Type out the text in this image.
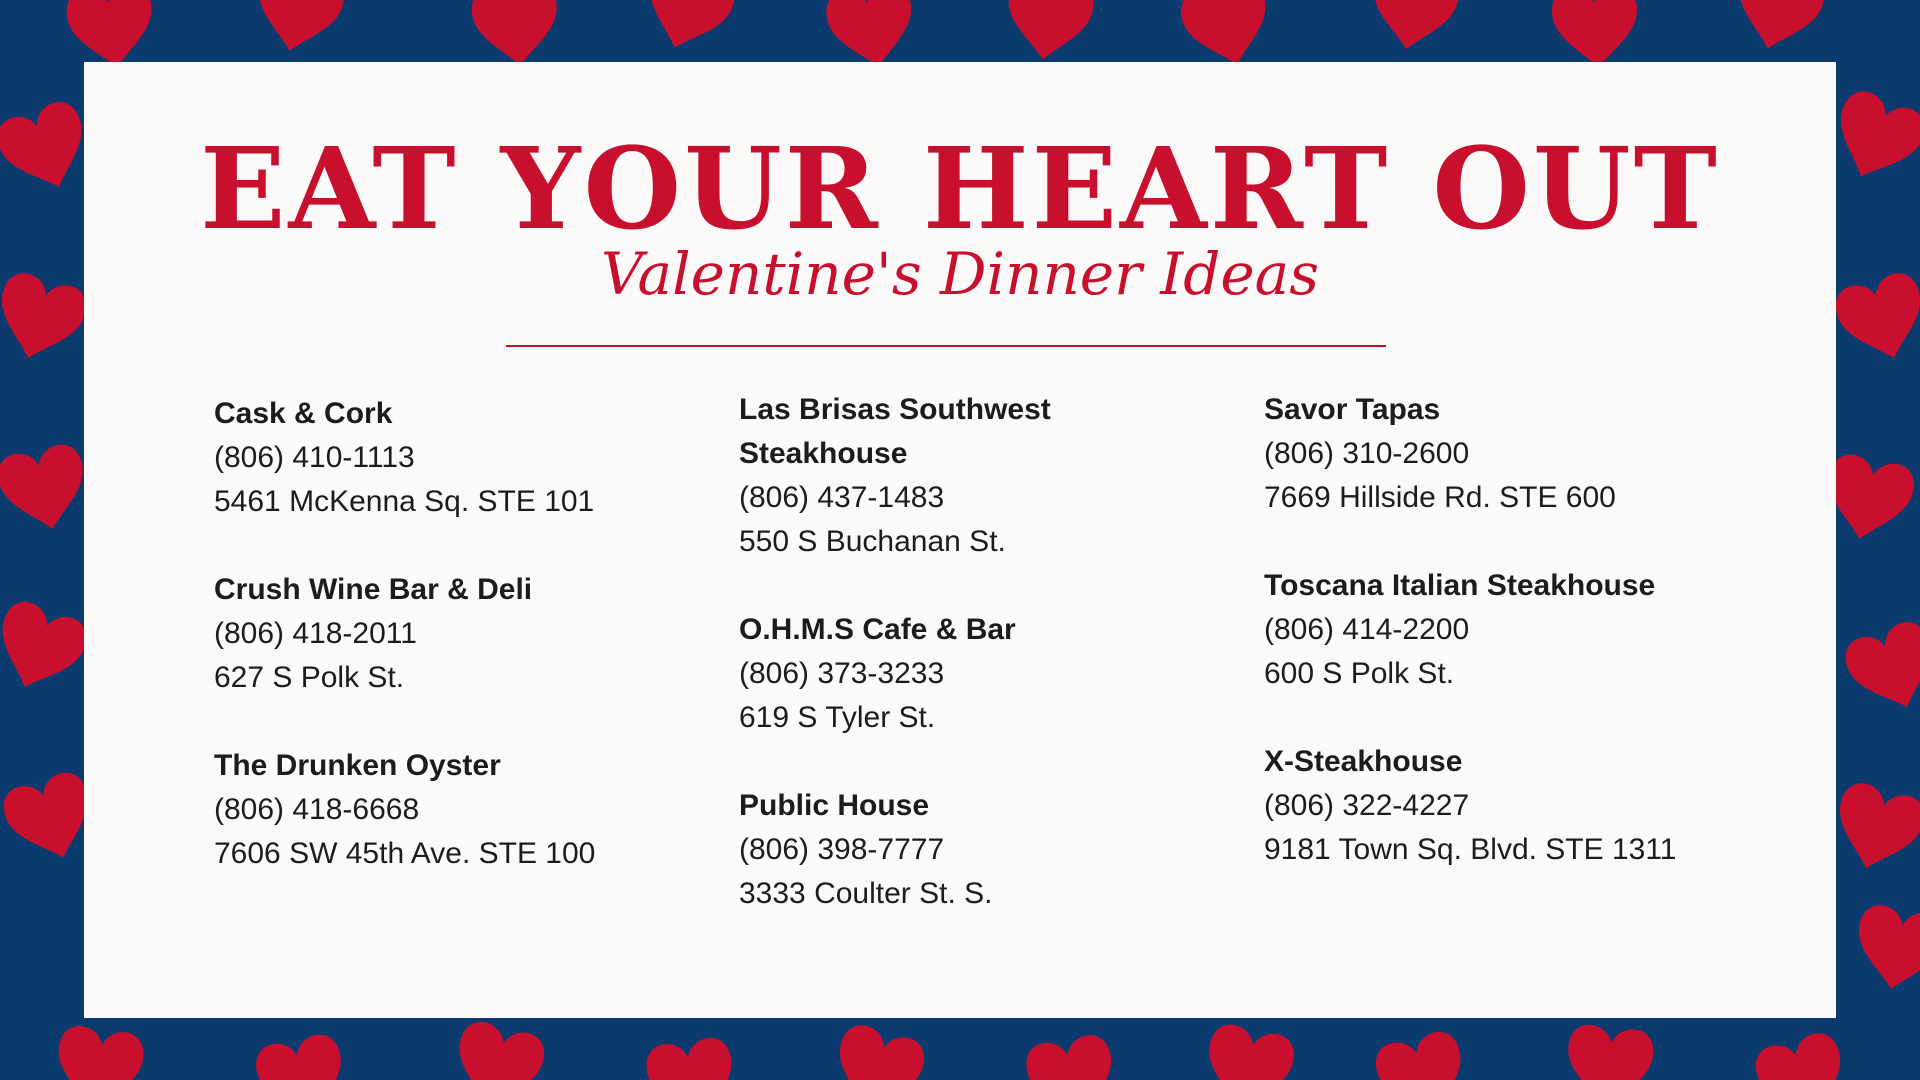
EAT YOUR HEART OUT
Valentine's Dinner Ideas
Cask & Cork
(806) 410-1113
5461 McKenna Sq. STE 101
Crush Wine Bar & Deli
(806) 418-2011
627 S Polk St.
The Drunken Oyster
(806) 418-6668
7606 SW 45th Ave. STE 100
Las Brisas Southwest Steakhouse
(806) 437-1483
550 S Buchanan St.
O.H.M.S Cafe & Bar
(806) 373-3233
619 S Tyler St.
Public House
(806) 398-7777
3333 Coulter St. S.
Savor Tapas
(806) 310-2600
7669 Hillside Rd. STE 600
Toscana Italian Steakhouse
(806) 414-2200
600 S Polk St.
X-Steakhouse
(806) 322-4227
9181 Town Sq. Blvd. STE 1311
